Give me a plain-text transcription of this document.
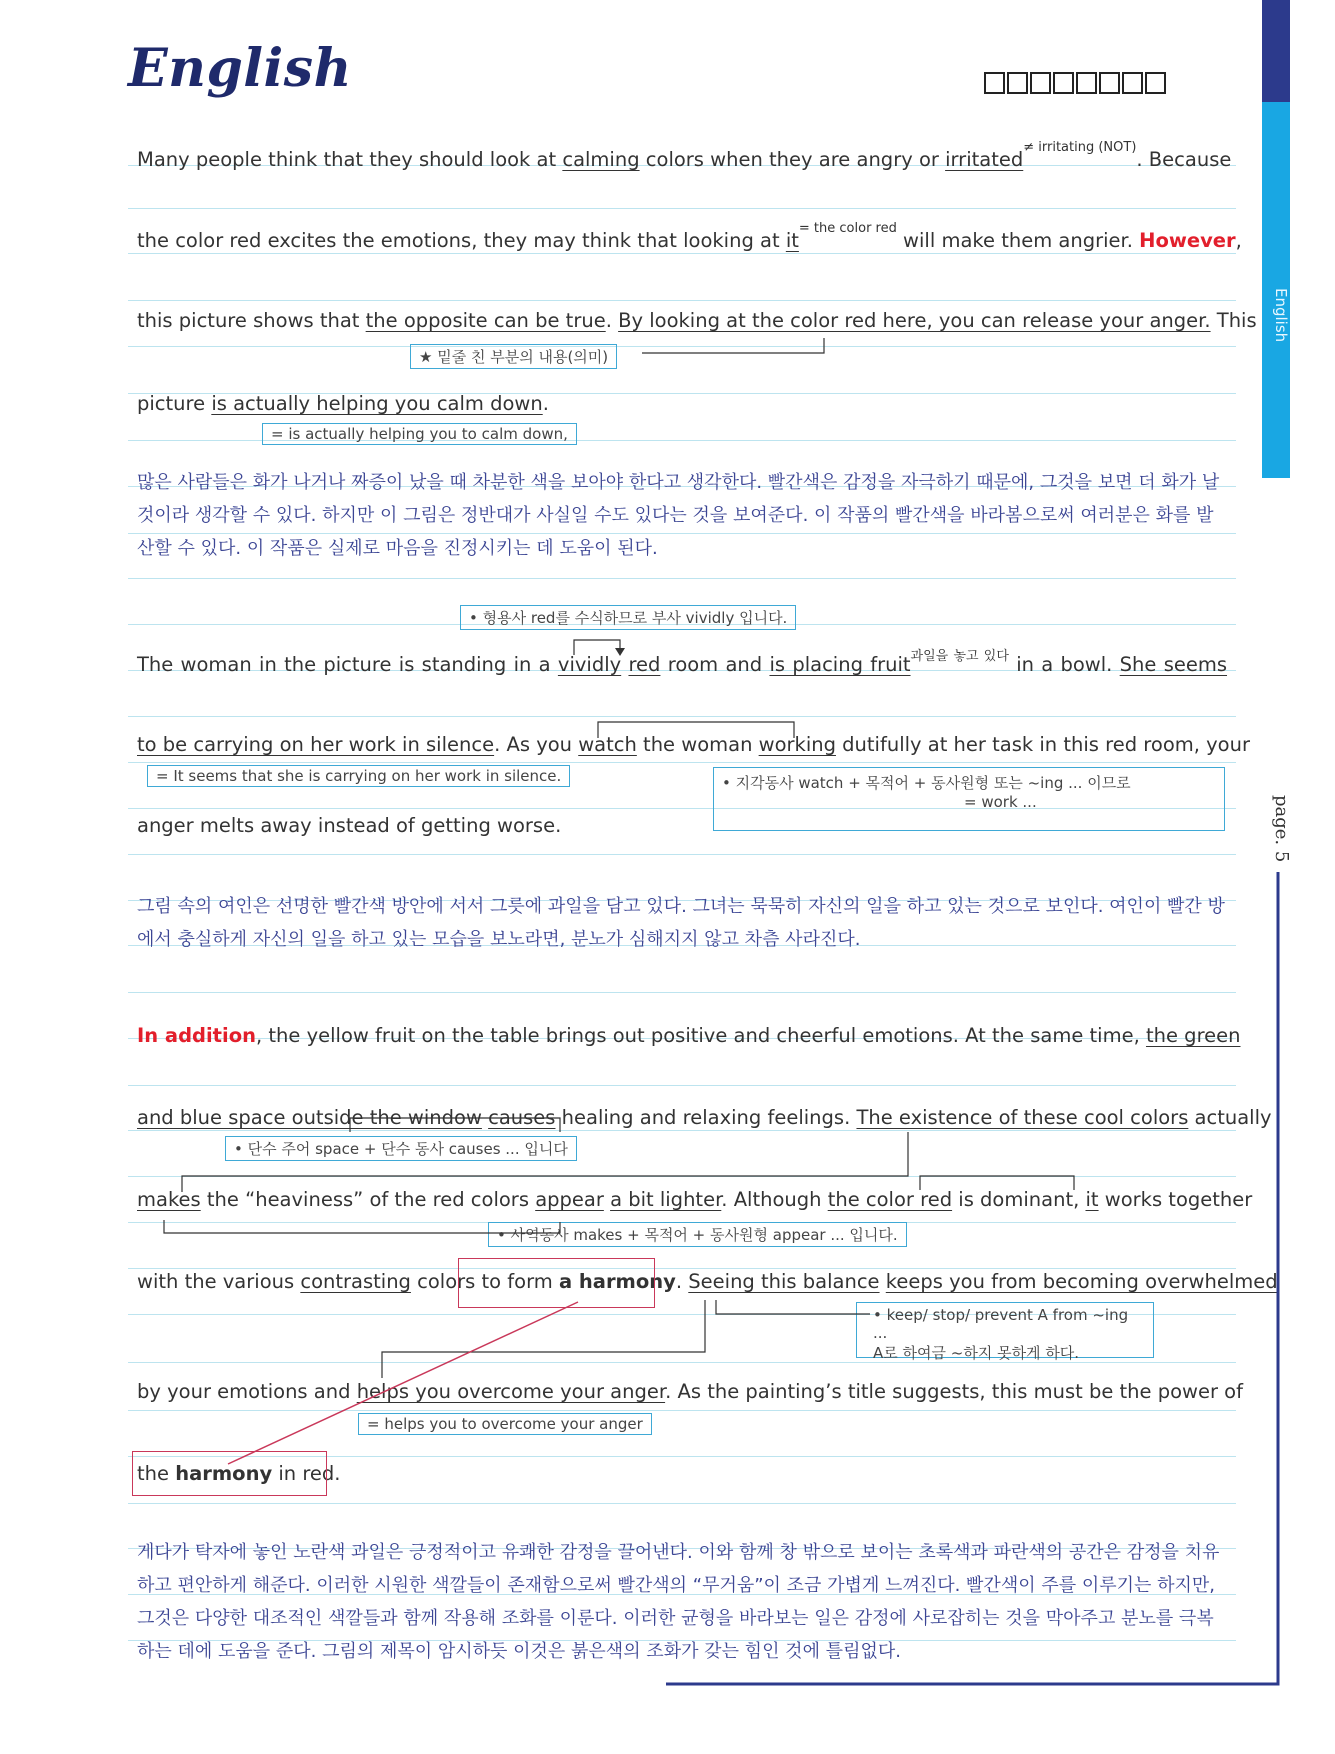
English
English
page. 5
Many people think that they should look at calming colors when they are angry or irritated$^{\ne irritating (NOT)}$. Because
the color red excites the emotions, they may think that looking at $it^{= the color red}$ will make them angrier. However,
this picture shows that the opposite can be true. By looking at the color red here, you can release your anger. This
★ 밑줄 친 부분의 내용(의미)
picture is actually helping you calm down.
= is actually helping you to calm down,
많은 사람들은 화가 나거나 짜증이 났을 때 차분한 색을 보아야 한다고 생각한다. 빨간색은 감정을 자극하기 때문에, 그것을 보면 더 화가 날 것이라 생각할 수 있다. 하지만 이 그림은 정반대가 사실일 수도 있다는 것을 보여준다. 이 작품의 빨간색을 바라봄으로써 여러분은 화를 발산할 수 있다. 이 작품은 실제로 마음을 진정시키는 데 도움이 된다.
• 형용사 red를 수식하므로 부사 vividly 입니다.
The woman in the picture is standing in a vividly red room and is placing fruit$^{과일을 놓고 있다}$ in a bowl. She seems
to be carrying on her work in silence. As you watch the woman working dutifully at her task in this red room, your
= It seems that she is carrying on her work in silence.	• 지각동사 watch + 목적어 + 동사원형 또는 ~ing ... 이므로
= work ...
anger melts away instead of getting worse.
그림 속의 여인은 선명한 빨간색 방안에 서서 그릇에 과일을 담고 있다. 그녀는 묵묵히 자신의 일을 하고 있는 것으로 보인다. 여인이 빨간 방에서 충실하게 자신의 일을 하고 있는 모습을 보노라면, 분노가 심해지지 않고 차츰 사라진다.
In addition, the yellow fruit on the table brings out positive and cheerful emotions. At the same time, the green
and blue space outside the window causes healing and relaxing feelings. The existence of these cool colors actually
• 단수 주어 space + 단수 동사 causes ... 입니다
makes the “heaviness” of the red colors appear a bit lighter. Although the color red is dominant, it works together
• 사역동사 makes + 목적어 + 동사원형 appear ... 입니다.
with the various contrasting colors to form a harmony. Seeing this balance keeps you from becoming overwhelmed
• keep/ stop/ prevent A from ~ing ...
A로 하여금 ~하지 못하게 하다.
by your emotions and helps you overcome your anger. As the painting’s title suggests, this must be the power of
= helps you to overcome your anger
the harmony in red.
게다가 탁자에 놓인 노란색 과일은 긍정적이고 유쾌한 감정을 끌어낸다. 이와 함께 창 밖으로 보이는 초록색과 파란색의 공간은 감정을 치유하고 편안하게 해준다. 이러한 시원한 색깔들이 존재함으로써 빨간색의 “무거움”이 조금 가볍게 느껴진다. 빨간색이 주를 이루기는 하지만, 그것은 다양한 대조적인 색깔들과 함께 작용해 조화를 이룬다. 이러한 균형을 바라보는 일은 감정에 사로잡히는 것을 막아주고 분노를 극복하는 데에 도움을 준다. 그림의 제목이 암시하듯 이것은 붉은색의 조화가 갖는 힘인 것에 틀림없다.
